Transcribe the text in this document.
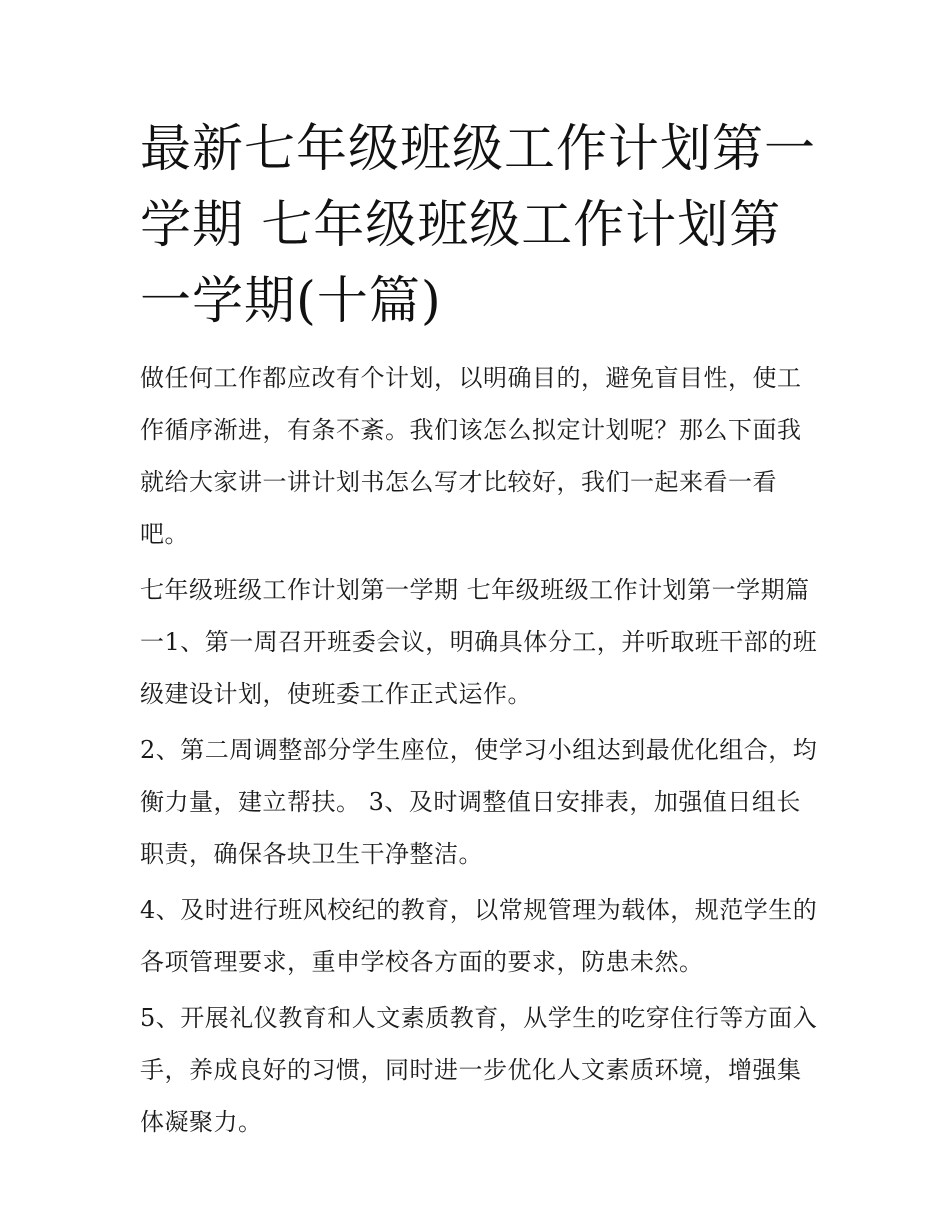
最新七年级班级工作计划第一学期 七年级班级工作计划第一学期(十篇)

做任何工作都应改有个计划，以明确目的，避免盲目性，使工作循序渐进，有条不紊。我们该怎么拟定计划呢？那么下面我就给大家讲一讲计划书怎么写才比较好，我们一起来看一看吧。

七年级班级工作计划第一学期 七年级班级工作计划第一学期篇一1、第一周召开班委会议，明确具体分工，并听取班干部的班级建设计划，使班委工作正式运作。

2、第二周调整部分学生座位，使学习小组达到最优化组合，均衡力量，建立帮扶。 3、及时调整值日安排表，加强值日组长职责，确保各块卫生干净整洁。

4、及时进行班风校纪的教育，以常规管理为载体，规范学生的各项管理要求，重申学校各方面的要求，防患未然。

5、开展礼仪教育和人文素质教育，从学生的吃穿住行等方面入手，养成良好的习惯，同时进一步优化人文素质环境，增强集体凝聚力。
